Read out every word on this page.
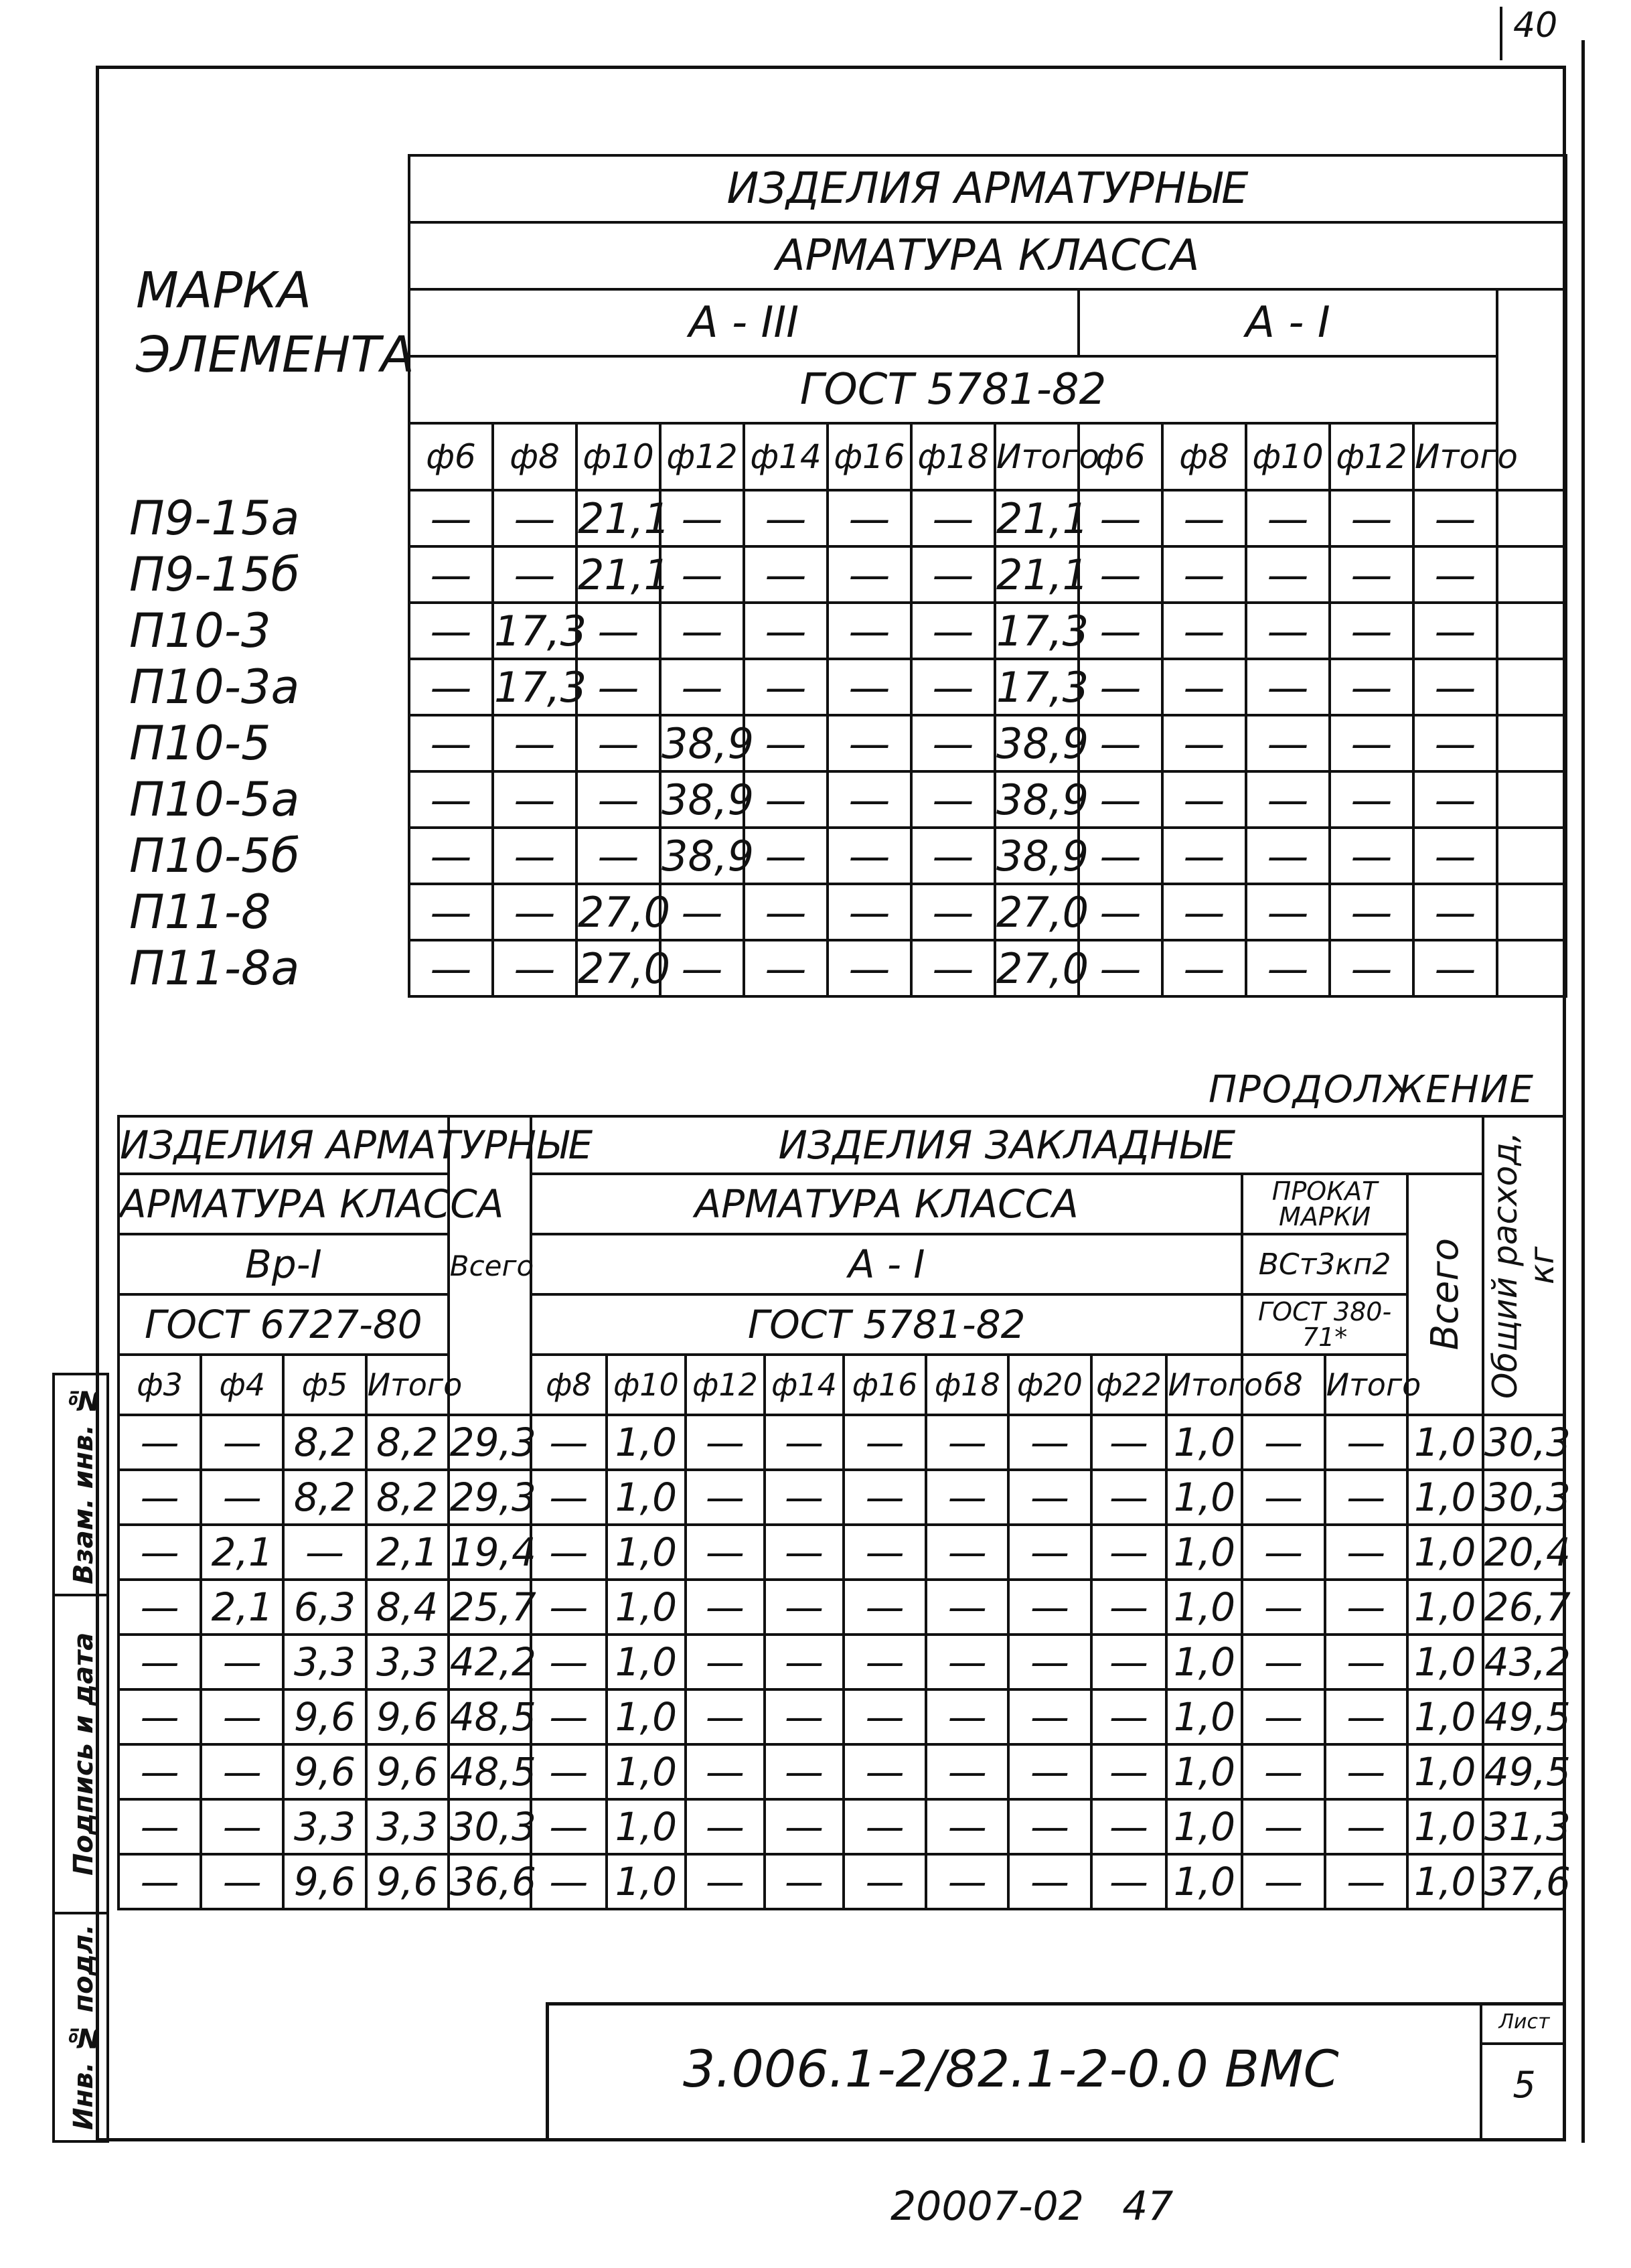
40
МАРКА
ЭЛЕМЕНТА	ИЗДЕЛИЯ АРМАТУРНЫЕ													
	АРМАТУРА КЛАССА													
	А - III								А - I					
	ГОСТ 5781-82													
	ф6	ф8	ф10	ф12	ф14	ф16	ф18	Итого	ф6	ф8	ф10	ф12	Итого	
П9-15а	—	—	21,1	—	—	—	—	21,1	—	—	—	—	—	
П9-15б	—	—	21,1	—	—	—	—	21,1	—	—	—	—	—	
П10-3	—	17,3	—	—	—	—	—	17,3	—	—	—	—	—	
П10-3а	—	17,3	—	—	—	—	—	17,3	—	—	—	—	—	
П10-5	—	—	—	38,9	—	—	—	38,9	—	—	—	—	—	
П10-5а	—	—	—	38,9	—	—	—	38,9	—	—	—	—	—	
П10-5б	—	—	—	38,9	—	—	—	38,9	—	—	—	—	—	
П11-8	—	—	27,0	—	—	—	—	27,0	—	—	—	—	—	
П11-8а	—	—	27,0	—	—	—	—	27,0	—	—	—	—	—	
ПРОДОЛЖЕНИЕ
ИЗДЕЛИЯ АРМАТУРНЫЕ				Всего	ИЗДЕЛИЯ ЗАКЛАДНЫЕ												Общий расход, кг

АРМАТУРА КЛАССА					АРМАТУРА КЛАССА									ПРОКАТ МАРКИ		Всего	

Вр-I					А - I									ВСт3кп2			
ГОСТ 6727-80					ГОСТ 5781-82									ГОСТ 380-71*			
ф3	ф4	ф5	Итого		ф8	ф10	ф12	ф14	ф16	ф18	ф20	ф22	Итого	б8	Итого		
—	—	8,2	8,2	29,3	—	1,0	—	—	—	—	—	—	1,0	—	—	1,0	30,3
—	—	8,2	8,2	29,3	—	1,0	—	—	—	—	—	—	1,0	—	—	1,0	30,3
—	2,1	—	2,1	19,4	—	1,0	—	—	—	—	—	—	1,0	—	—	1,0	20,4
—	2,1	6,3	8,4	25,7	—	1,0	—	—	—	—	—	—	1,0	—	—	1,0	26,7
—	—	3,3	3,3	42,2	—	1,0	—	—	—	—	—	—	1,0	—	—	1,0	43,2
—	—	9,6	9,6	48,5	—	1,0	—	—	—	—	—	—	1,0	—	—	1,0	49,5
—	—	9,6	9,6	48,5	—	1,0	—	—	—	—	—	—	1,0	—	—	1,0	49,5
—	—	3,3	3,3	30,3	—	1,0	—	—	—	—	—	—	1,0	—	—	1,0	31,3
—	—	9,6	9,6	36,6	—	1,0	—	—	—	—	—	—	1,0	—	—	1,0	37,6
Инв. № подл.
Подпись и дата
Взам. инв. №
3.006.1-2/82.1-2-0.0 ВМС
Лист
5
20007-02   47
